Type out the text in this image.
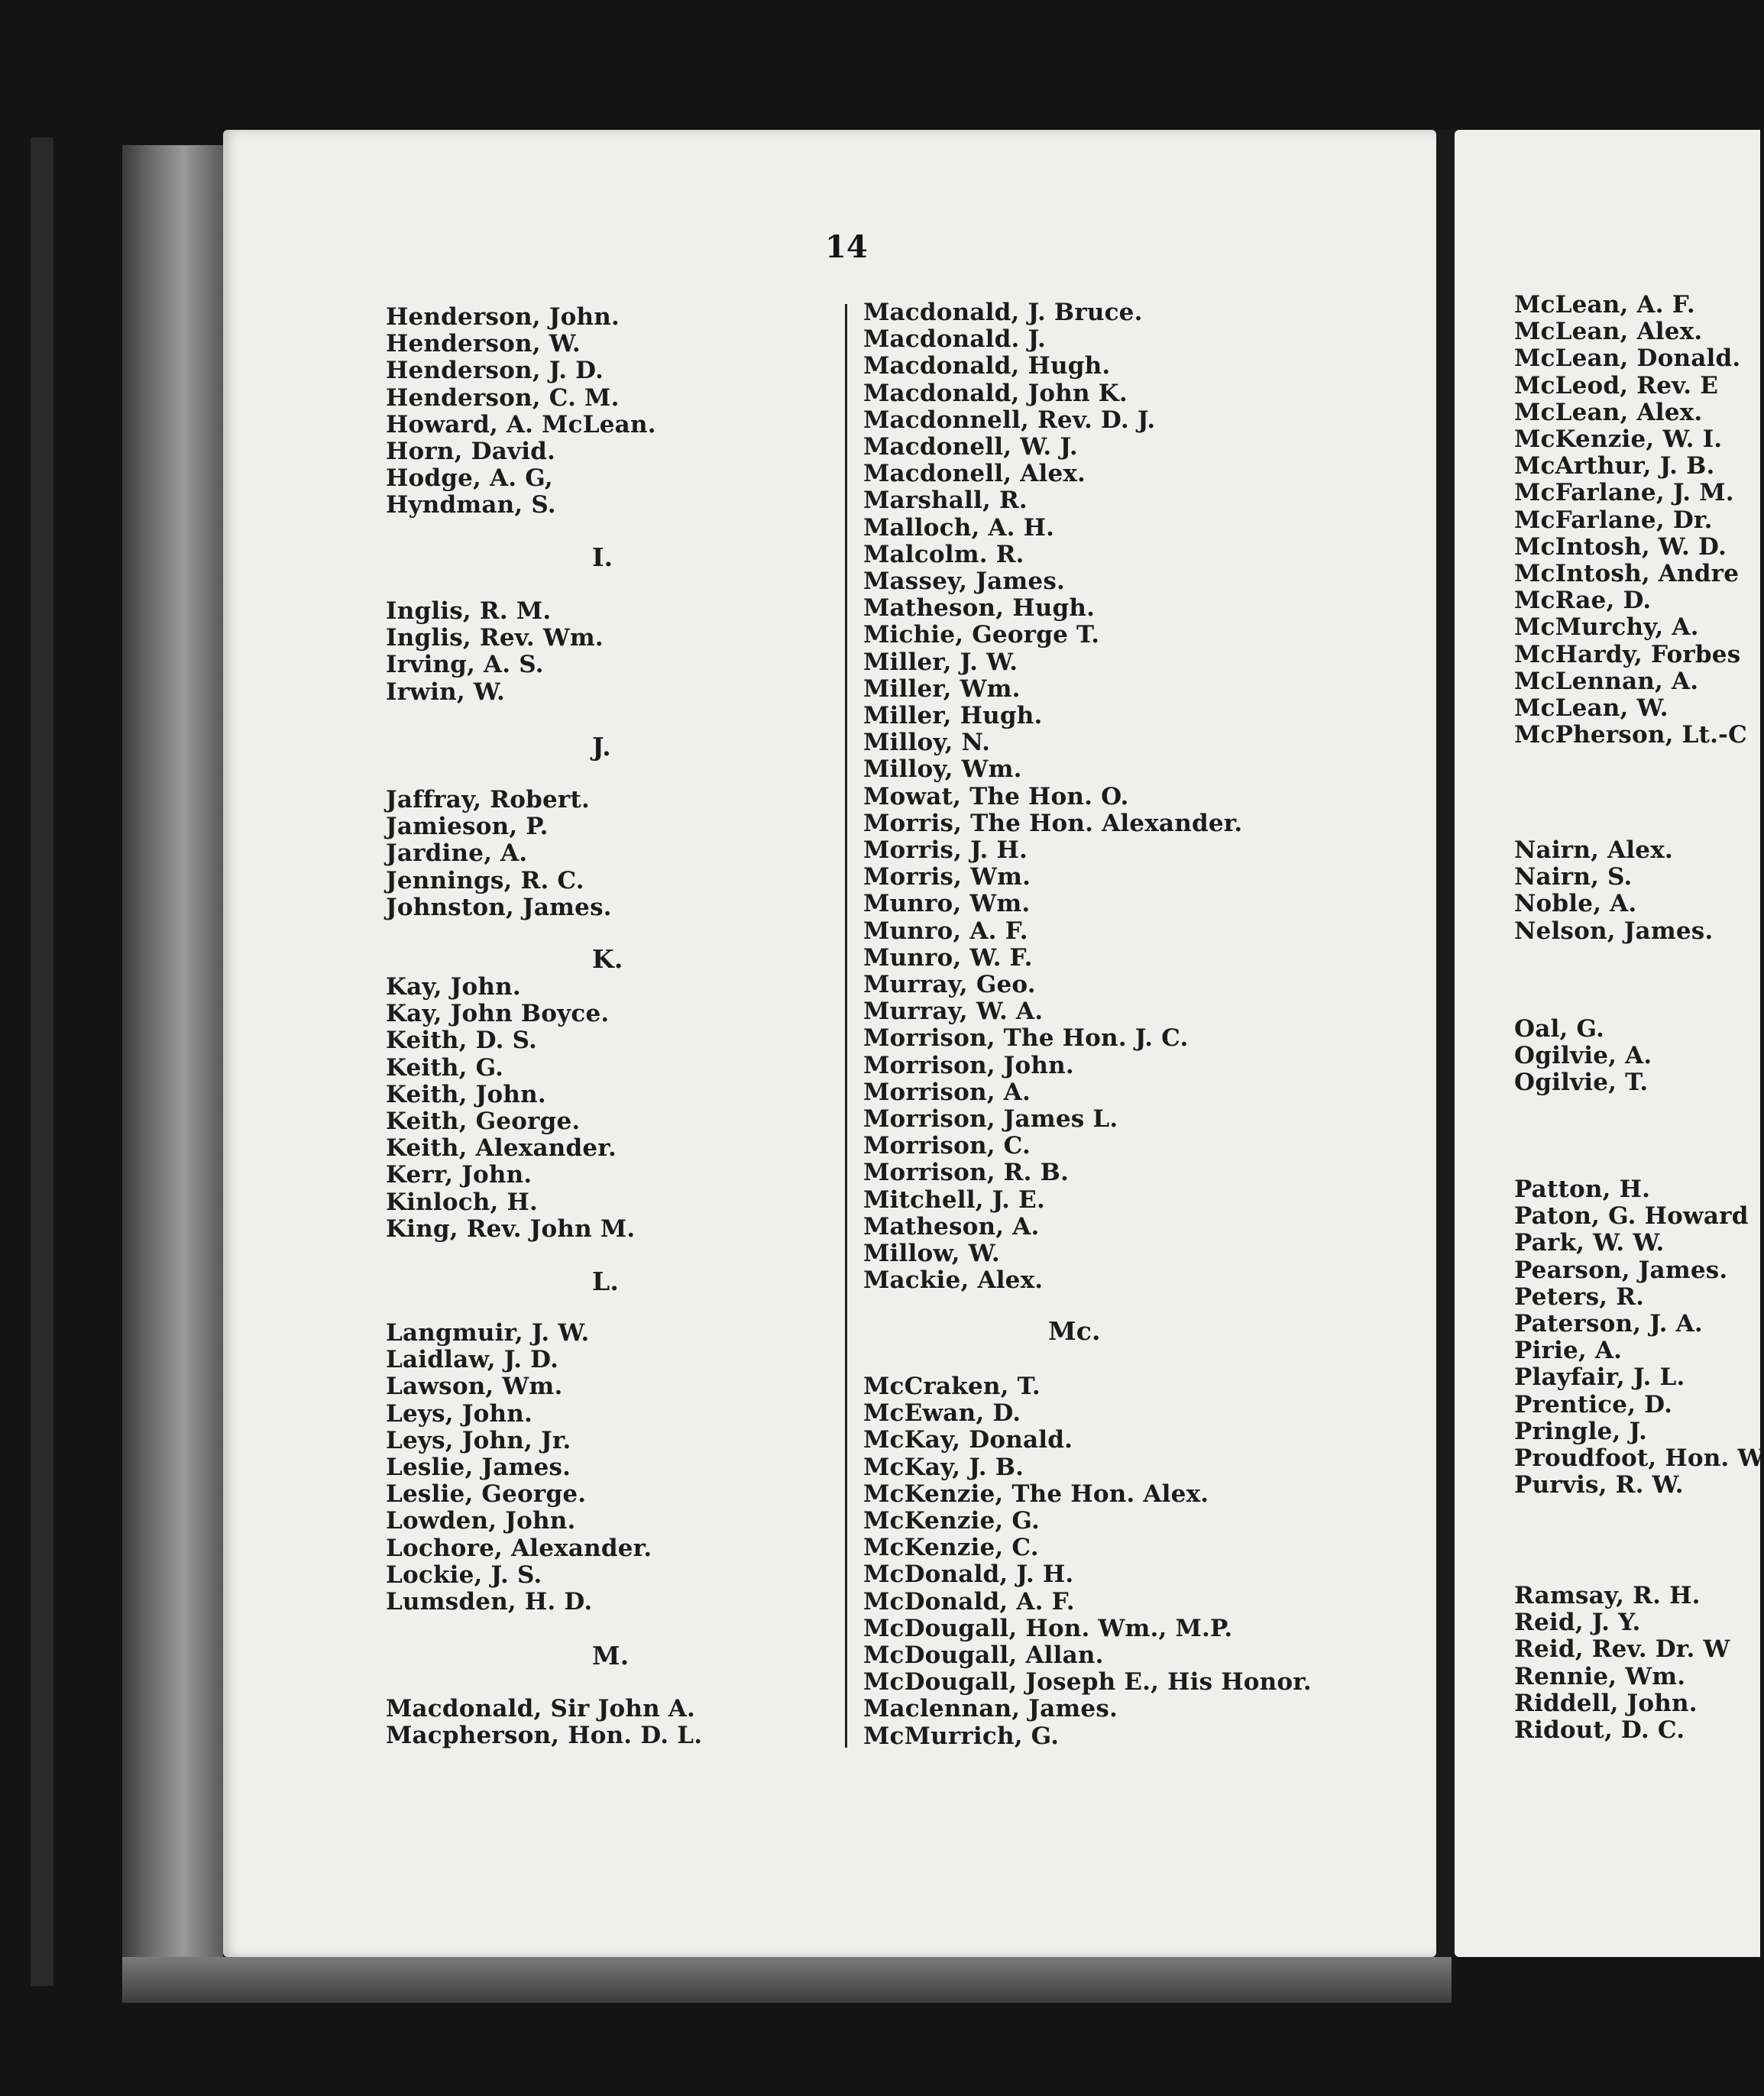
14
Henderson, John.
Henderson, W.
Henderson, J. D.
Henderson, C. M.
Howard, A. McLean.
Horn, David.
Hodge, A. G,
Hyndman, S.
I.
Inglis, R. M.
Inglis, Rev. Wm.
Irving, A. S.
Irwin, W.
J.
Jaffray, Robert.
Jamieson, P.
Jardine, A.
Jennings, R. C.
Johnston, James.
K.
Kay, John.
Kay, John Boyce.
Keith, D. S.
Keith, G.
Keith, John.
Keith, George.
Keith, Alexander.
Kerr, John.
Kinloch, H.
King, Rev. John M.
L.
Langmuir, J. W.
Laidlaw, J. D.
Lawson, Wm.
Leys, John.
Leys, John, Jr.
Leslie, James.
Leslie, George.
Lowden, John.
Lochore, Alexander.
Lockie, J. S.
Lumsden, H. D.
M.
Macdonald, Sir John A.
Macpherson, Hon. D. L.
Macdonald, J. Bruce.
Macdonald. J.
Macdonald, Hugh.
Macdonald, John K.
Macdonnell, Rev. D. J.
Macdonell, W. J.
Macdonell, Alex.
Marshall, R.
Malloch, A. H.
Malcolm. R.
Massey, James.
Matheson, Hugh.
Michie, George T.
Miller, J. W.
Miller, Wm.
Miller, Hugh.
Milloy, N.
Milloy, Wm.
Mowat, The Hon. O.
Morris, The Hon. Alexander.
Morris, J. H.
Morris, Wm.
Munro, Wm.
Munro, A. F.
Munro, W. F.
Murray, Geo.
Murray, W. A.
Morrison, The Hon. J. C.
Morrison, John.
Morrison, A.
Morrison, James L.
Morrison, C.
Morrison, R. B.
Mitchell, J. E.
Matheson, A.
Millow, W.
Mackie, Alex.
Mc.
McCraken, T.
McEwan, D.
McKay, Donald.
McKay, J. B.
McKenzie, The Hon. Alex.
McKenzie, G.
McKenzie, C.
McDonald, J. H.
McDonald, A. F.
McDougall, Hon. Wm., M.P.
McDougall, Allan.
McDougall, Joseph E., His Honor.
Maclennan, James.
McMurrich, G.
McLean, A. F.
McLean, Alex.
McLean, Donald.
McLeod, Rev. E
McLean, Alex.
McKenzie, W. I.
McArthur, J. B.
McFarlane, J. M.
McFarlane, Dr.
McIntosh, W. D.
McIntosh, Andre
McRae, D.
McMurchy, A.
McHardy, Forbes
McLennan, A.
McLean, W.
McPherson, Lt.-C
Nairn, Alex.
Nairn, S.
Noble, A.
Nelson, James.
Oal, G.
Ogilvie, A.
Ogilvie, T.
Patton, H.
Paton, G. Howard
Park, W. W.
Pearson, James.
Peters, R.
Paterson, J. A.
Pirie, A.
Playfair, J. L.
Prentice, D.
Pringle, J.
Proudfoot, Hon. W
Purvis, R. W.
Ramsay, R. H.
Reid, J. Y.
Reid, Rev. Dr. W
Rennie, Wm.
Riddell, John.
Ridout, D. C.
